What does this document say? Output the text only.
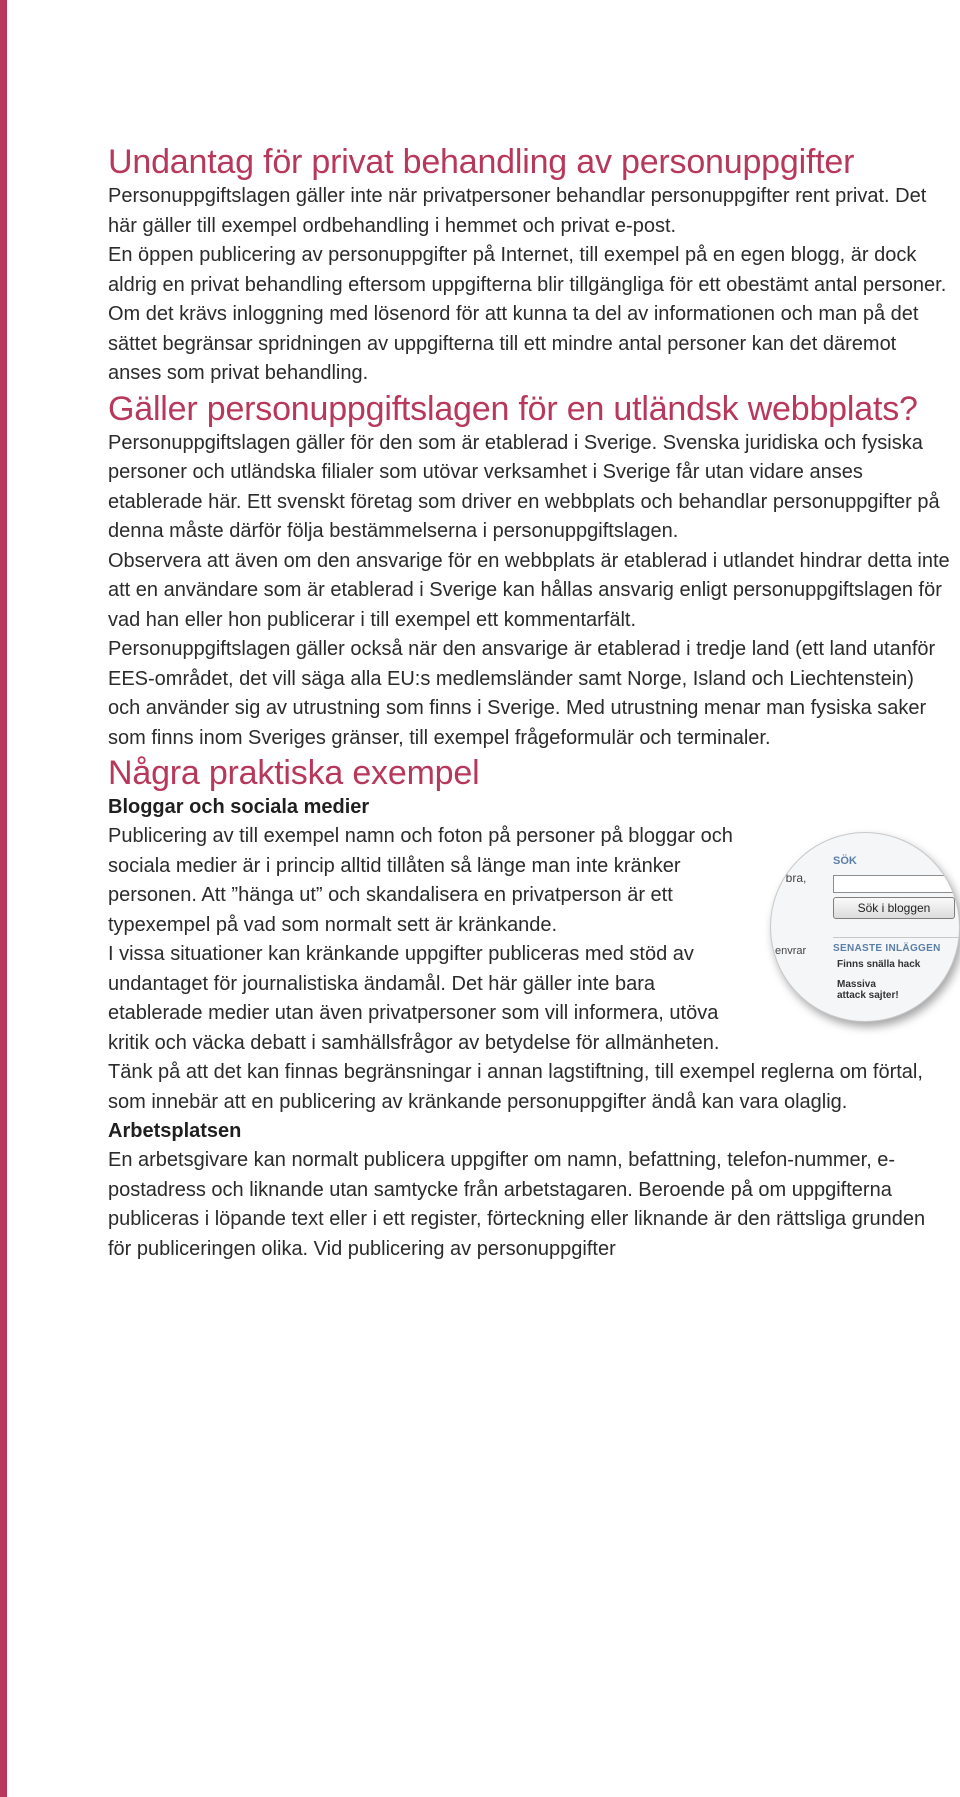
Undantag för privat behandling av personuppgifter

Personuppgiftslagen gäller inte när privatpersoner behandlar personuppgifter rent privat. Det här gäller till exempel ordbehandling i hemmet och privat e-post.

En öppen publicering av personuppgifter på Internet, till exempel på en egen blogg, är dock aldrig en privat behandling eftersom uppgifterna blir tillgängliga för ett obestämt antal personer. Om det krävs inloggning med lösenord för att kunna ta del av informationen och man på det sättet begränsar spridningen av uppgifterna till ett mindre antal personer kan det däremot anses som privat behandling.

Gäller personuppgiftslagen för en utländsk webbplats?

Personuppgiftslagen gäller för den som är etablerad i Sverige. Svenska juridiska och fysiska personer och utländska filialer som utövar verksamhet i Sverige får utan vidare anses etablerade här. Ett svenskt företag som driver en webbplats och behandlar personuppgifter på denna måste därför följa bestämmelserna i personuppgiftslagen.

Observera att även om den ansvarige för en webbplats är etablerad i utlandet hindrar detta inte att en användare som är etablerad i Sverige kan hållas ansvarig enligt personuppgiftslagen för vad han eller hon publicerar i till exempel ett kommentarfält.

Personuppgiftslagen gäller också när den ansvarige är etablerad i tredje land (ett land utanför EES-området, det vill säga alla EU:s medlemsländer samt Norge, Island och Liechtenstein) och använder sig av utrustning som finns i Sverige. Med utrustning menar man fysiska saker som finns inom Sveriges gränser, till exempel frågeformulär och terminaler.

Några praktiska exempel
Bloggar och sociala medier
SÖK
, bra,
Sök i bloggen
envrar	SENASTE INLÄGGEN
Finns snälla hack
Massiva attack sajter!

Publicering av till exempel namn och foton på personer på bloggar och sociala medier är i princip alltid tillåten så länge man inte kränker personen. Att ”hänga ut” och skandalisera en privatperson är ett typexempel på vad som normalt sett är kränkande.

I vissa situationer kan kränkande uppgifter publiceras med stöd av undantaget för journalistiska ändamål. Det här gäller inte bara etablerade medier utan även privatpersoner som vill informera, utöva kritik och väcka debatt i samhällsfrågor av betydelse för allmänheten.

Tänk på att det kan finnas begränsningar i annan lagstiftning, till exempel reglerna om förtal, som innebär att en publicering av kränkande personuppgifter ändå kan vara olaglig.

Arbetsplatsen

En arbetsgivare kan normalt publicera uppgifter om namn, befattning, telefon-nummer, e-postadress och liknande utan samtycke från arbetstagaren. Beroende på om uppgifterna publiceras i löpande text eller i ett register, förteckning eller liknande är den rättsliga grunden för publiceringen olika. Vid publicering av personuppgifter
